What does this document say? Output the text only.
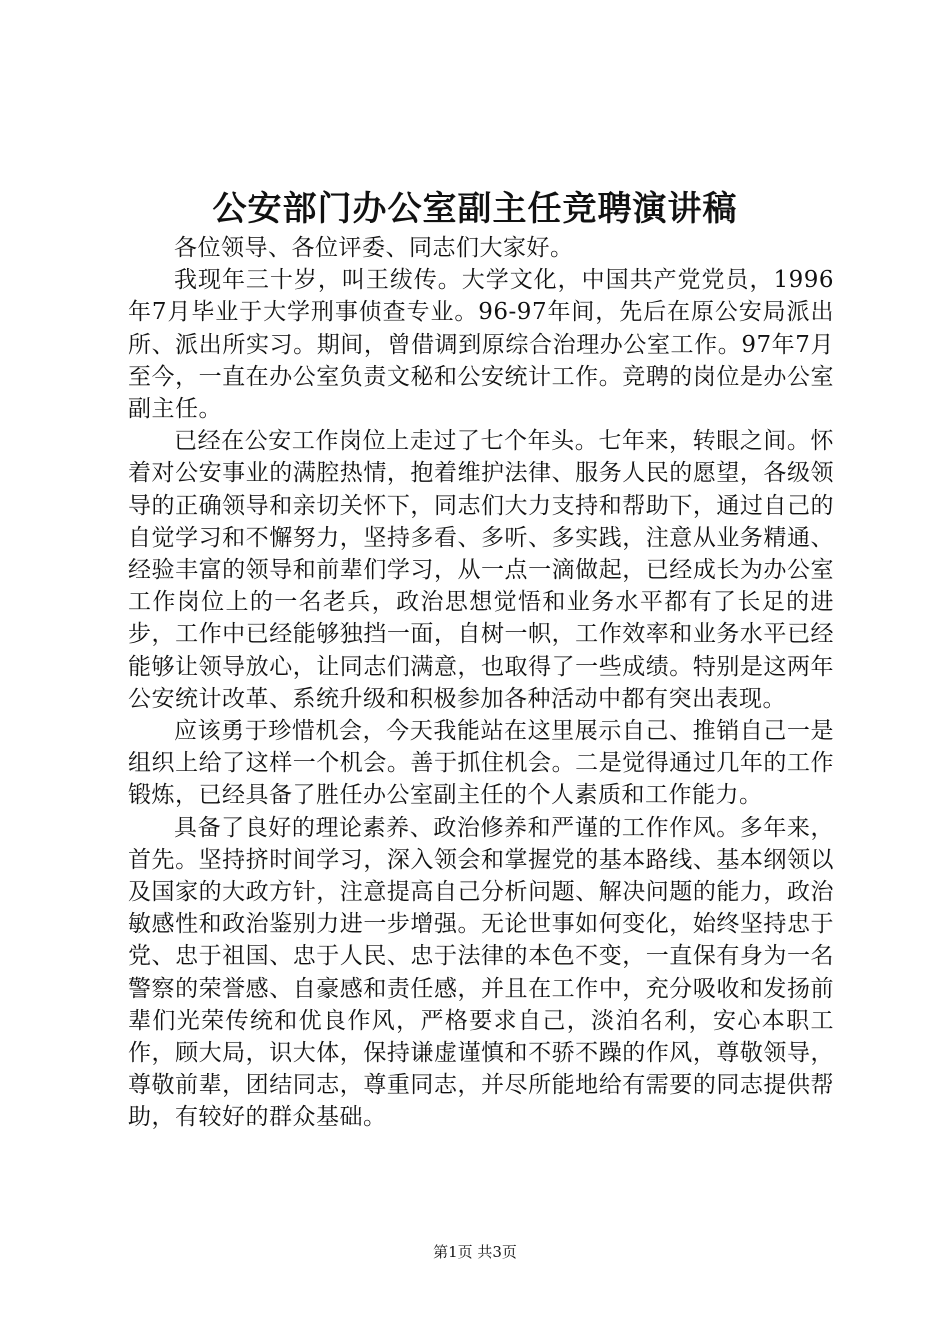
公安部门办公室副主任竞聘演讲稿

各位领导、各位评委、同志们大家好。

我现年三十岁，叫王绂传。大学文化，中国共产党党员，1996年7月毕业于大学刑事侦查专业。96-97年间，先后在原公安局派出所、派出所实习。期间，曾借调到原综合治理办公室工作。97年7月至今，一直在办公室负责文秘和公安统计工作。竞聘的岗位是办公室副主任。

已经在公安工作岗位上走过了七个年头。七年来，转眼之间。怀着对公安事业的满腔热情，抱着维护法律、服务人民的愿望，各级领导的正确领导和亲切关怀下，同志们大力支持和帮助下，通过自己的自觉学习和不懈努力，坚持多看、多听、多实践，注意从业务精通、经验丰富的领导和前辈们学习，从一点一滴做起，已经成长为办公室工作岗位上的一名老兵，政治思想觉悟和业务水平都有了长足的进步，工作中已经能够独挡一面，自树一帜，工作效率和业务水平已经能够让领导放心，让同志们满意，也取得了一些成绩。特别是这两年公安统计改革、系统升级和积极参加各种活动中都有突出表现。

应该勇于珍惜机会，今天我能站在这里展示自己、推销自己一是组织上给了这样一个机会。善于抓住机会。二是觉得通过几年的工作锻炼，已经具备了胜任办公室副主任的个人素质和工作能力。

具备了良好的理论素养、政治修养和严谨的工作作风。多年来，首先。坚持挤时间学习，深入领会和掌握党的基本路线、基本纲领以及国家的大政方针，注意提高自己分析问题、解决问题的能力，政治敏感性和政治鉴别力进一步增强。无论世事如何变化，始终坚持忠于党、忠于祖国、忠于人民、忠于法律的本色不变，一直保有身为一名警察的荣誉感、自豪感和责任感，并且在工作中，充分吸收和发扬前辈们光荣传统和优良作风，严格要求自己，淡泊名利，安心本职工作，顾大局，识大体，保持谦虚谨慎和不骄不躁的作风，尊敬领导，尊敬前辈，团结同志，尊重同志，并尽所能地给有需要的同志提供帮助，有较好的群众基础。

第1页 共3页
